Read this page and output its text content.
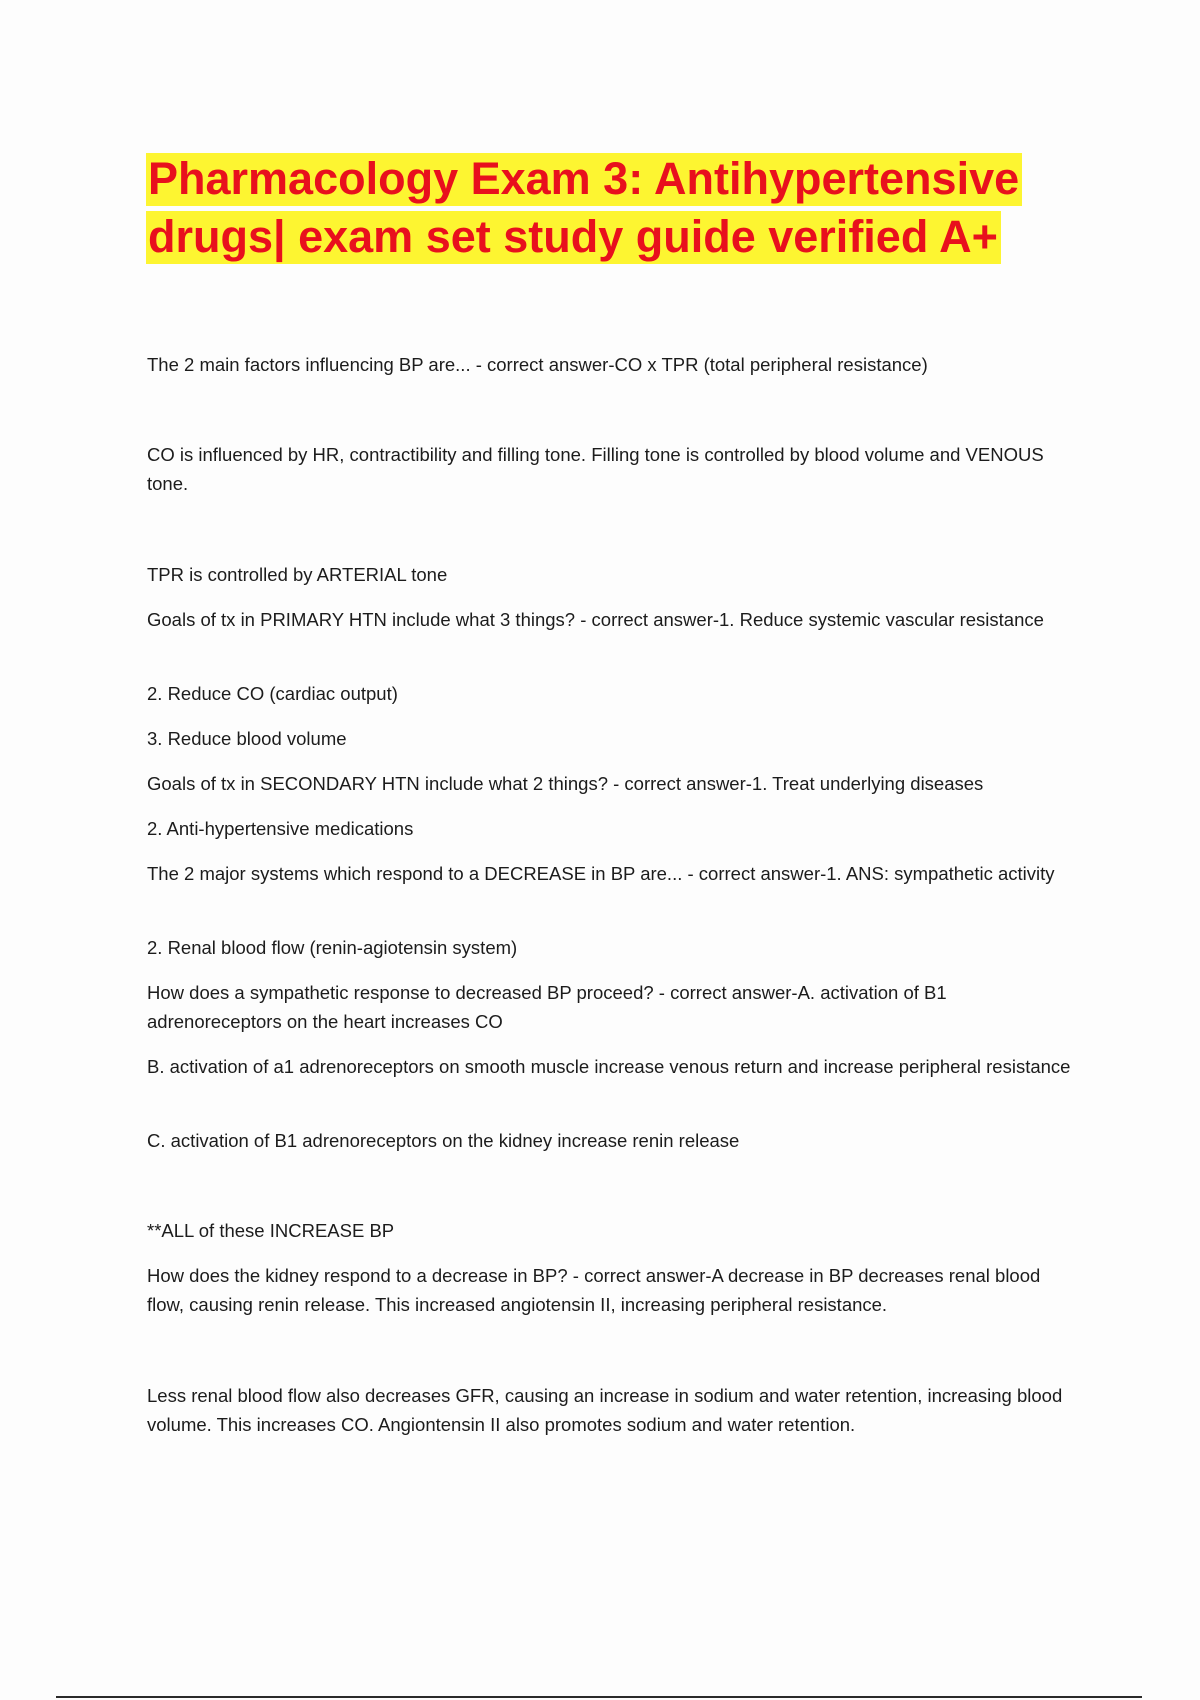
Pharmacology Exam 3: Antihypertensive drugs| exam set study guide verified A+

The 2 main factors influencing BP are... - correct answer-CO x TPR (total peripheral resistance)

CO is influenced by HR, contractibility and filling tone. Filling tone is controlled by blood volume and VENOUS tone.

TPR is controlled by ARTERIAL tone

Goals of tx in PRIMARY HTN include what 3 things? - correct answer-1. Reduce systemic vascular resistance

2. Reduce CO (cardiac output)

3. Reduce blood volume

Goals of tx in SECONDARY HTN include what 2 things? - correct answer-1. Treat underlying diseases

2. Anti-hypertensive medications

The 2 major systems which respond to a DECREASE in BP are... - correct answer-1. ANS: sympathetic activity

2. Renal blood flow (renin-agiotensin system)

How does a sympathetic response to decreased BP proceed? - correct answer-A. activation of B1 adrenoreceptors on the heart increases CO

B. activation of a1 adrenoreceptors on smooth muscle increase venous return and increase peripheral resistance

C. activation of B1 adrenoreceptors on the kidney increase renin release

**ALL of these INCREASE BP

How does the kidney respond to a decrease in BP? - correct answer-A decrease in BP decreases renal blood flow, causing renin release. This increased angiotensin II, increasing peripheral resistance.

Less renal blood flow also decreases GFR, causing an increase in sodium and water retention, increasing blood volume. This increases CO. Angiontensin II also promotes sodium and water retention.
